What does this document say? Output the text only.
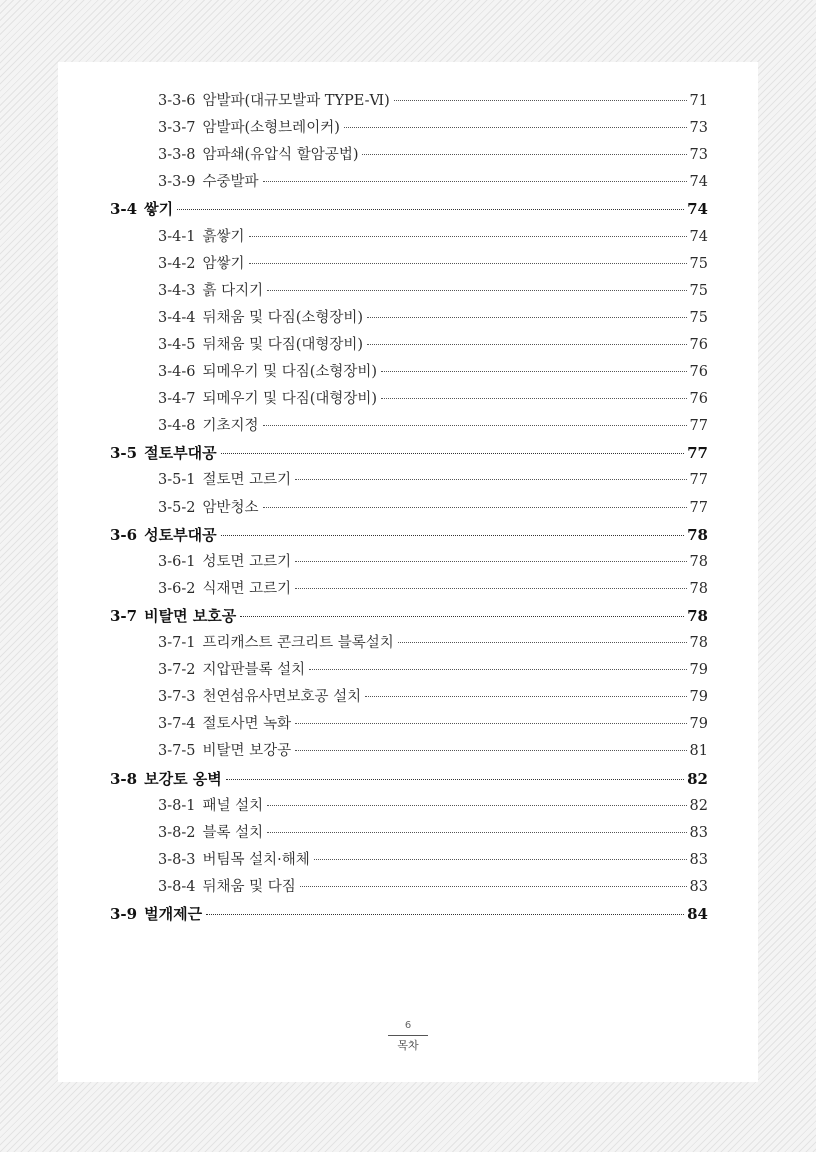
3-3-6 암발파(대규모발파 TYPE-Ⅵ)	71
3-3-7 암발파(소형브레이커)	73
3-3-8 암파쇄(유압식 할암공법)	73
3-3-9 수중발파	74
3-4 쌓기	74
3-4-1 흙쌓기	74
3-4-2 암쌓기	75
3-4-3 흙 다지기	75
3-4-4 뒤채움 및 다짐(소형장비)	75
3-4-5 뒤채움 및 다짐(대형장비)	76
3-4-6 되메우기 및 다짐(소형장비)	76
3-4-7 되메우기 및 다짐(대형장비)	76
3-4-8 기초지정	77
3-5 절토부대공	77
3-5-1 절토면 고르기	77
3-5-2 암반청소	77
3-6 성토부대공	78
3-6-1 성토면 고르기	78
3-6-2 식재면 고르기	78
3-7 비탈면 보호공	78
3-7-1 프리캐스트 콘크리트 블록설치	78
3-7-2 지압판블록 설치	79
3-7-3 천연섬유사면보호공 설치	79
3-7-4 절토사면 녹화	79
3-7-5 비탈면 보강공	81
3-8 보강토 옹벽	82
3-8-1 패널 설치	82
3-8-2 블록 설치	83
3-8-3 버팀목 설치·해체	83
3-8-4 뒤채움 및 다짐	83
3-9 벌개제근	84
6
목차
